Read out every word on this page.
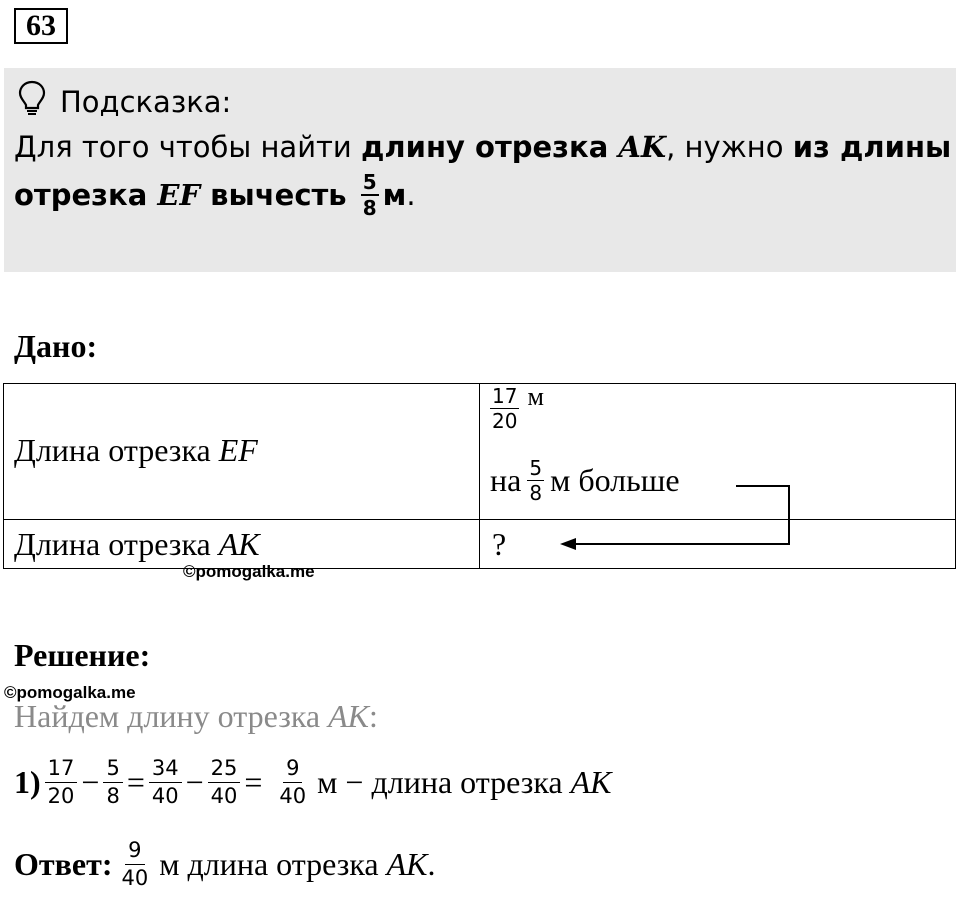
63
Подсказка:
Для того чтобы найти длину отрезка AK, нужно из длины
отрезка EF вычесть $\frac{5}{8}$ м .
Дано:
Длина отрезка EF
$\frac{17}{20}$ м
на $\frac{5}{8}$ м больше
Длина отрезка AK	?
©pomogalka.me
Решение:
©pomogalka.me
Найдем длину отрезка AK:
$1) \frac{17}{20} - \frac{5}{8} = \frac{34}{40} - \frac{25}{40} = \frac{9}{40}$ м − длина отрезка AK
Ответ: $\frac{9}{40}$ м длина отрезка AK .
